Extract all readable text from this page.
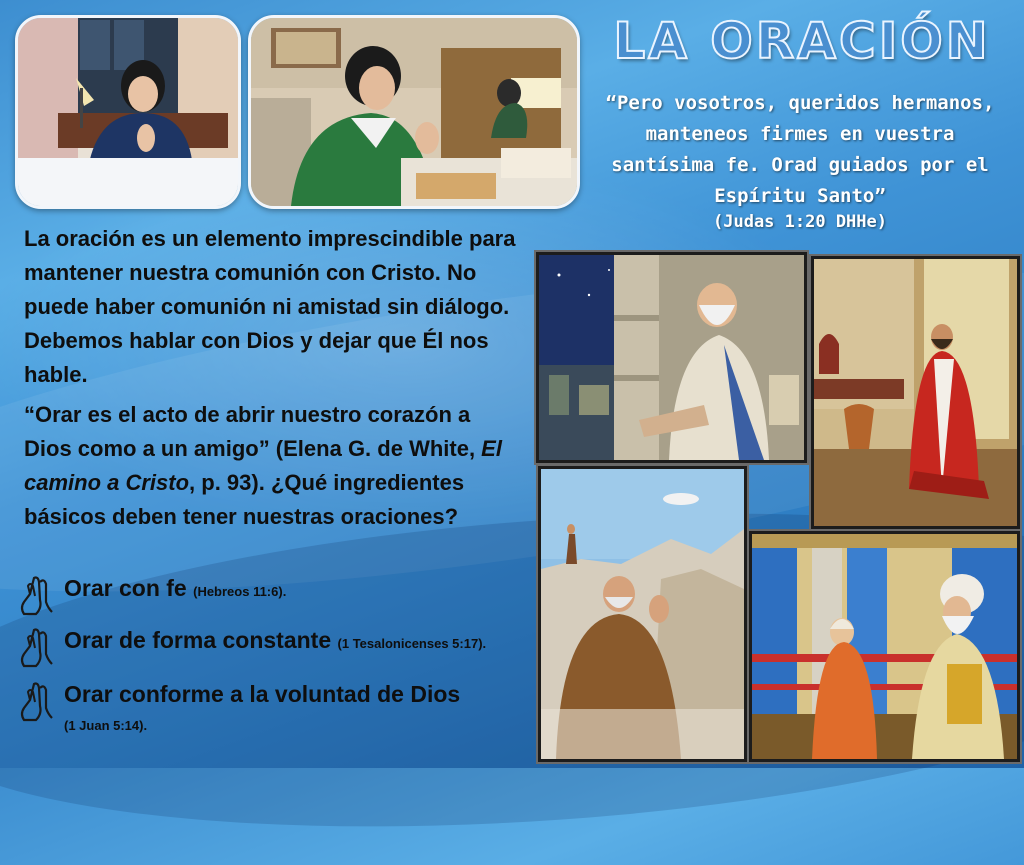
LA ORACIÓN
“Pero vosotros, queridos hermanos, manteneos firmes en vuestra santísima fe. Orad guiados por el Espíritu Santo”
(Judas 1:20 DHHe)
La oración es un elemento imprescindible para mantener nuestra comunión con Cristo. No puede haber comunión ni amistad sin diálogo. Debemos hablar con Dios y dejar que Él nos hable.
“Orar es el acto de abrir nuestro corazón a Dios como a un amigo” (Elena G. de White, El camino a Cristo, p. 93). ¿Qué ingredientes básicos deben tener nuestras oraciones?
Orar con fe (Hebreos 11:6).
Orar de forma constante (1 Tesalonicenses 5:17).
Orar conforme a la voluntad de Dios
(1 Juan 5:14).
